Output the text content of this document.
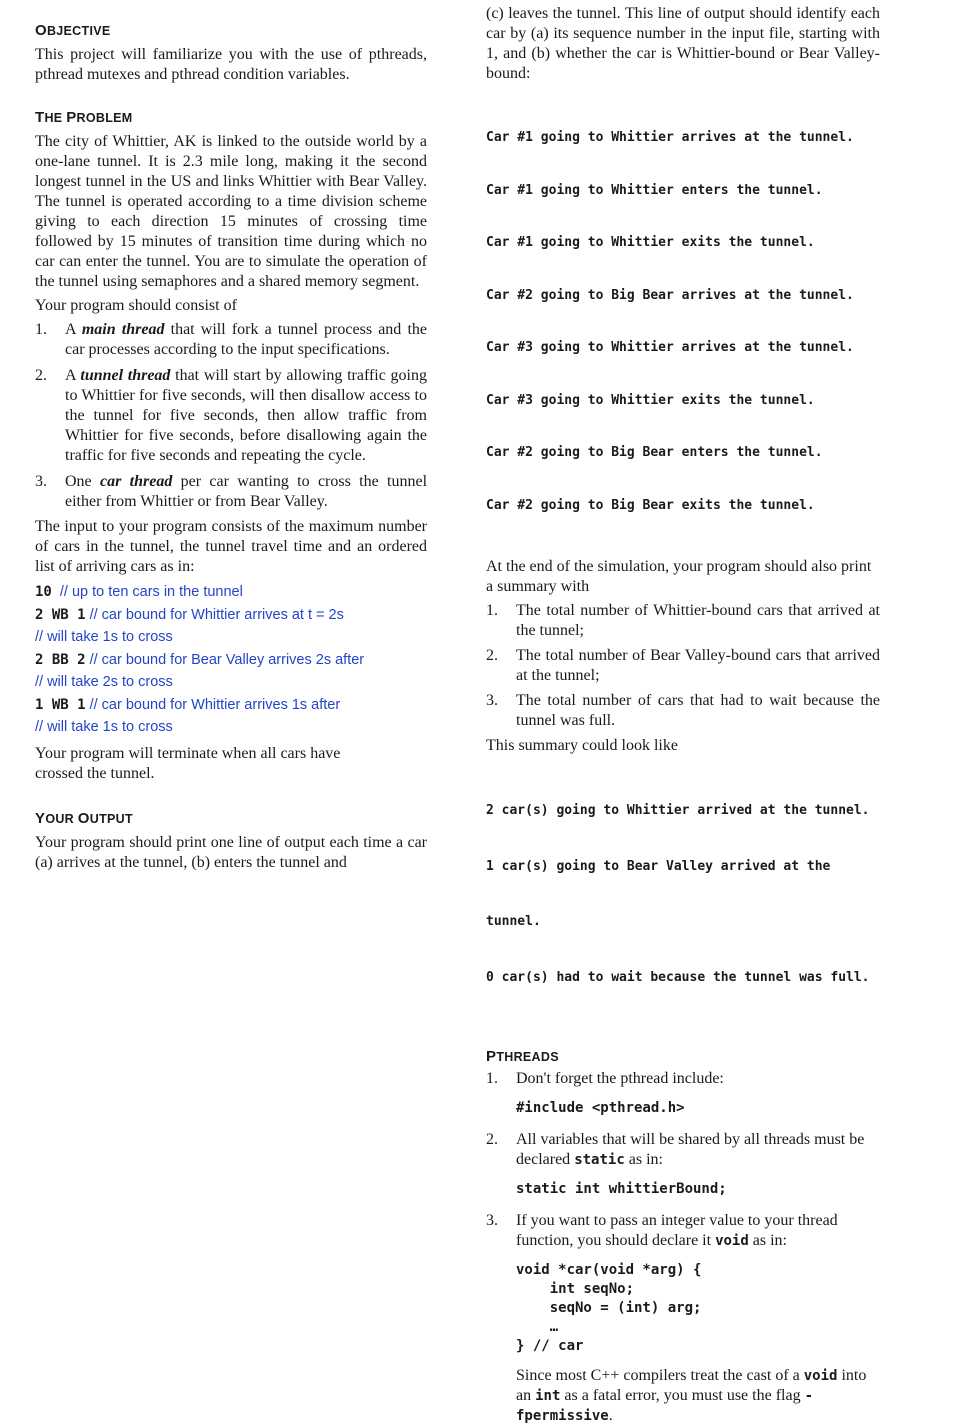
OBJECTIVE

This project will familiarize you with the use of pthreads, pthread mutexes and pthread condition variables.

THE PROBLEM

The city of Whittier, AK is linked to the outside world by a one-lane tunnel. It is 2.3 mile long, making it the second longest tunnel in the US and links Whittier with Bear Valley. The tunnel is operated according to a time division scheme giving to each direction 15 minutes of crossing time followed by 15 minutes of transition time during which no car can enter the tunnel. You are to simulate the operation of the tunnel using semaphores and a shared memory segment.

Your program should consist of

1. A main thread that will fork a tunnel process and the car processes according to the input specifications.
2. A tunnel thread that will start by allowing traffic going to Whittier for five seconds, will then disallow access to the tunnel for five seconds, then allow traffic from Whittier for five seconds, before disallowing again the traffic for five seconds and repeating the cycle.
3. One car thread per car wanting to cross the tunnel either from Whittier or from Bear Valley.

The input to your program consists of the maximum number of cars in the tunnel, the tunnel travel time and an ordered list of arriving cars as in:

10 // up to ten cars in the tunnel
2 WB 1 // car bound for Whittier arrives at t = 2s
// will take 1s to cross
2 BB 2 // car bound for Bear Valley arrives 2s after
// will take 2s to cross
1 WB 1 // car bound for Whittier arrives 1s after
// will take 1s to cross

Your program will terminate when all cars have crossed the tunnel.

YOUR OUTPUT

Your program should print one line of output each time a car (a) arrives at the tunnel, (b) enters the tunnel and

(c) leaves the tunnel. This line of output should identify each car by (a) its sequence number in the input file, starting with 1, and (b) whether the car is Whittier-bound or Bear Valley-bound:

Car #1 going to Whittier arrives at the tunnel.

Car #1 going to Whittier enters the tunnel.

Car #1 going to Whittier exits the tunnel.

Car #2 going to Big Bear arrives at the tunnel.

Car #3 going to Whittier arrives at the tunnel.

Car #3 going to Whittier exits the tunnel.

Car #2 going to Big Bear enters the tunnel.

Car #2 going to Big Bear exits the tunnel.

At the end of the simulation, your program should also print a summary with

1. The total number of Whittier-bound cars that arrived at the tunnel;
2. The total number of Bear Valley-bound cars that arrived at the tunnel;
3. The total number of cars that had to wait because the tunnel was full.

This summary could look like

2 car(s) going to Whittier arrived at the tunnel.

1 car(s) going to Bear Valley arrived at the

tunnel.

0 car(s) had to wait because the tunnel was full.

PTHREADS
1. Don't forget the pthread include:
#include <pthread.h>
2. All variables that will be shared by all threads must be declared static as in:
static int whittierBound;
3. If you want to pass an integer value to your thread function, you should declare it void as in:
void *car(void *arg) {
int seqNo;
seqNo = (int) arg;
…
} // car
Since most C++ compilers treat the cast of a void into an int as a fatal error, you must use the flag -fpermissive.
